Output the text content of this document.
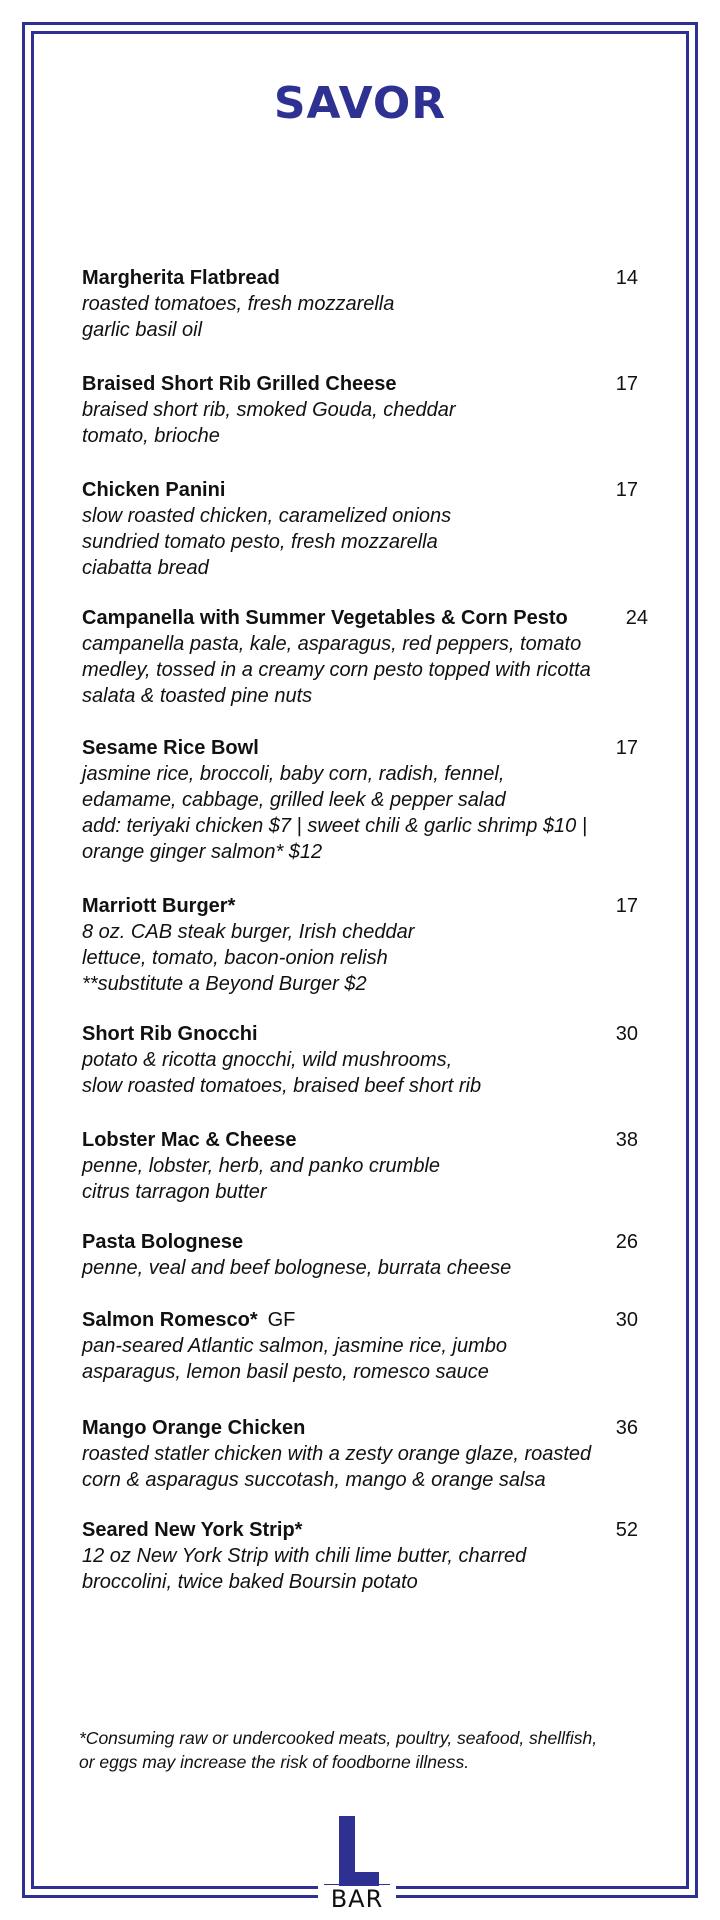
SAVOR
Margherita Flatbread	14
roasted tomatoes, fresh mozzarella
garlic basil oil
Braised Short Rib Grilled Cheese	17
braised short rib, smoked Gouda, cheddar
tomato, brioche
Chicken Panini	17
slow roasted chicken, caramelized onions
sundried tomato pesto, fresh mozzarella
ciabatta bread
Campanella with Summer Vegetables & Corn Pesto	24
campanella pasta, kale, asparagus, red peppers, tomato
medley, tossed in a creamy corn pesto topped with ricotta
salata & toasted pine nuts
Sesame Rice Bowl	17
jasmine rice, broccoli, baby corn, radish, fennel,
edamame, cabbage, grilled leek & pepper salad
add: teriyaki chicken $7 | sweet chili & garlic shrimp $10 |
orange ginger salmon* $12
Marriott Burger*	17
8 oz. CAB steak burger, Irish cheddar
lettuce, tomato, bacon-onion relish
**substitute a Beyond Burger $2
Short Rib Gnocchi	30
potato & ricotta gnocchi, wild mushrooms,
slow roasted tomatoes, braised beef short rib
Lobster Mac & Cheese	38
penne, lobster, herb, and panko crumble
citrus tarragon butter
Pasta Bolognese	26
penne, veal and beef bolognese, burrata cheese
Salmon Romesco* GF	30
pan-seared Atlantic salmon, jasmine rice, jumbo
asparagus, lemon basil pesto, romesco sauce
Mango Orange Chicken	36
roasted statler chicken with a zesty orange glaze, roasted
corn & asparagus succotash, mango & orange salsa
Seared New York Strip*	52
12 oz New York Strip with chili lime butter, charred
broccolini, twice baked Boursin potato
*Consuming raw or undercooked meats, poultry, seafood, shellfish,
or eggs may increase the risk of foodborne illness.
BAR
